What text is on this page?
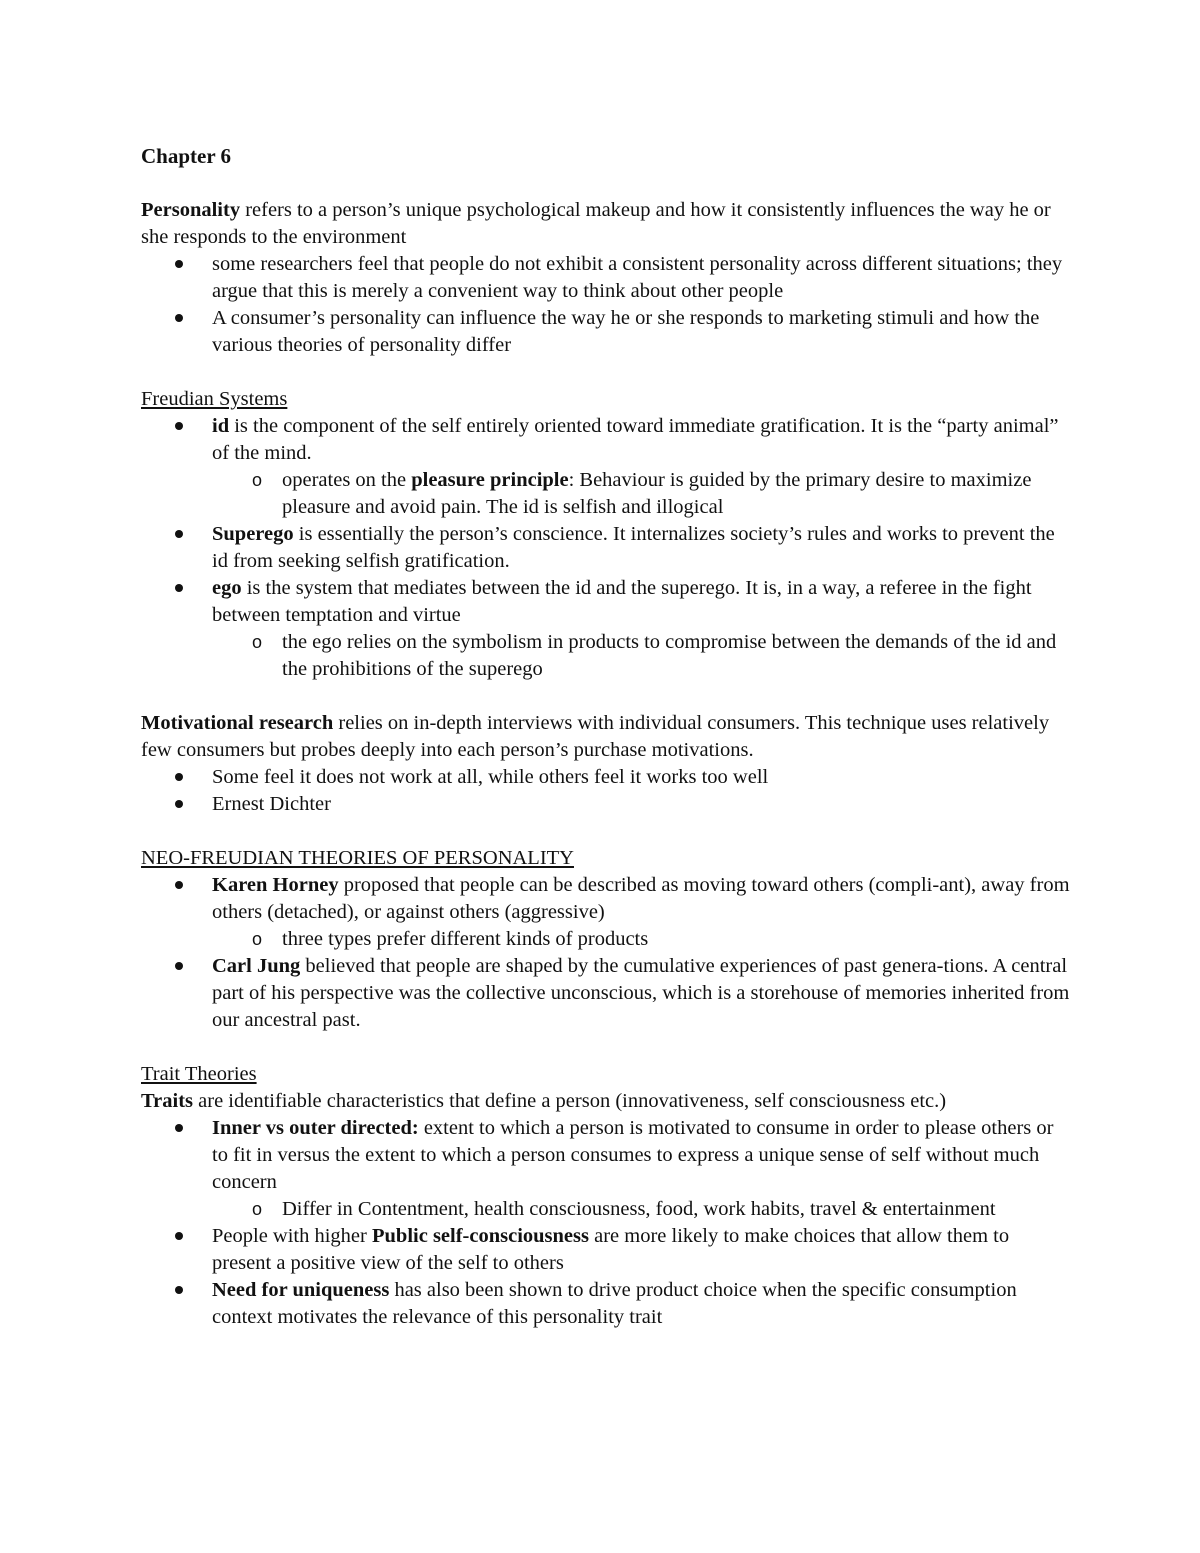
Chapter 6

Personality refers to a person’s unique psychological makeup and how it consistently influences the way he or she responds to the environment

some researchers feel that people do not exhibit a consistent personality across different situations; they argue that this is merely a convenient way to think about other people
A consumer’s personality can influence the way he or she responds to marketing stimuli and how the various theories of personality differ

Freudian Systems

id is the component of the self entirely oriented toward immediate gratification. It is the “party animal” of the mind.
o operates on the pleasure principle: Behaviour is guided by the primary desire to maximize pleasure and avoid pain. The id is selfish and illogical
Superego is essentially the person’s conscience. It internalizes society’s rules and works to prevent the id from seeking selfish gratification.
ego is the system that mediates between the id and the superego. It is, in a way, a referee in the fight between temptation and virtue
o the ego relies on the symbolism in products to compromise between the demands of the id and the prohibitions of the superego

Motivational research relies on in-depth interviews with individual consumers. This technique uses relatively few consumers but probes deeply into each person’s purchase motivations.

Some feel it does not work at all, while others feel it works too well
Ernest Dichter

NEO-FREUDIAN THEORIES OF PERSONALITY

Karen Horney proposed that people can be described as moving toward others (compli-ant), away from others (detached), or against others (aggressive)
o three types prefer different kinds of products
Carl Jung believed that people are shaped by the cumulative experiences of past genera-tions. A central part of his perspective was the collective unconscious, which is a storehouse of memories inherited from our ancestral past.

Trait Theories

Traits are identifiable characteristics that define a person (innovativeness, self consciousness etc.)

Inner vs outer directed: extent to which a person is motivated to consume in order to please others or to fit in versus the extent to which a person consumes to express a unique sense of self without much concern
o Differ in Contentment, health consciousness, food, work habits, travel & entertainment
People with higher Public self-consciousness are more likely to make choices that allow them to present a positive view of the self to others
Need for uniqueness has also been shown to drive product choice when the specific consumption context motivates the relevance of this personality trait
